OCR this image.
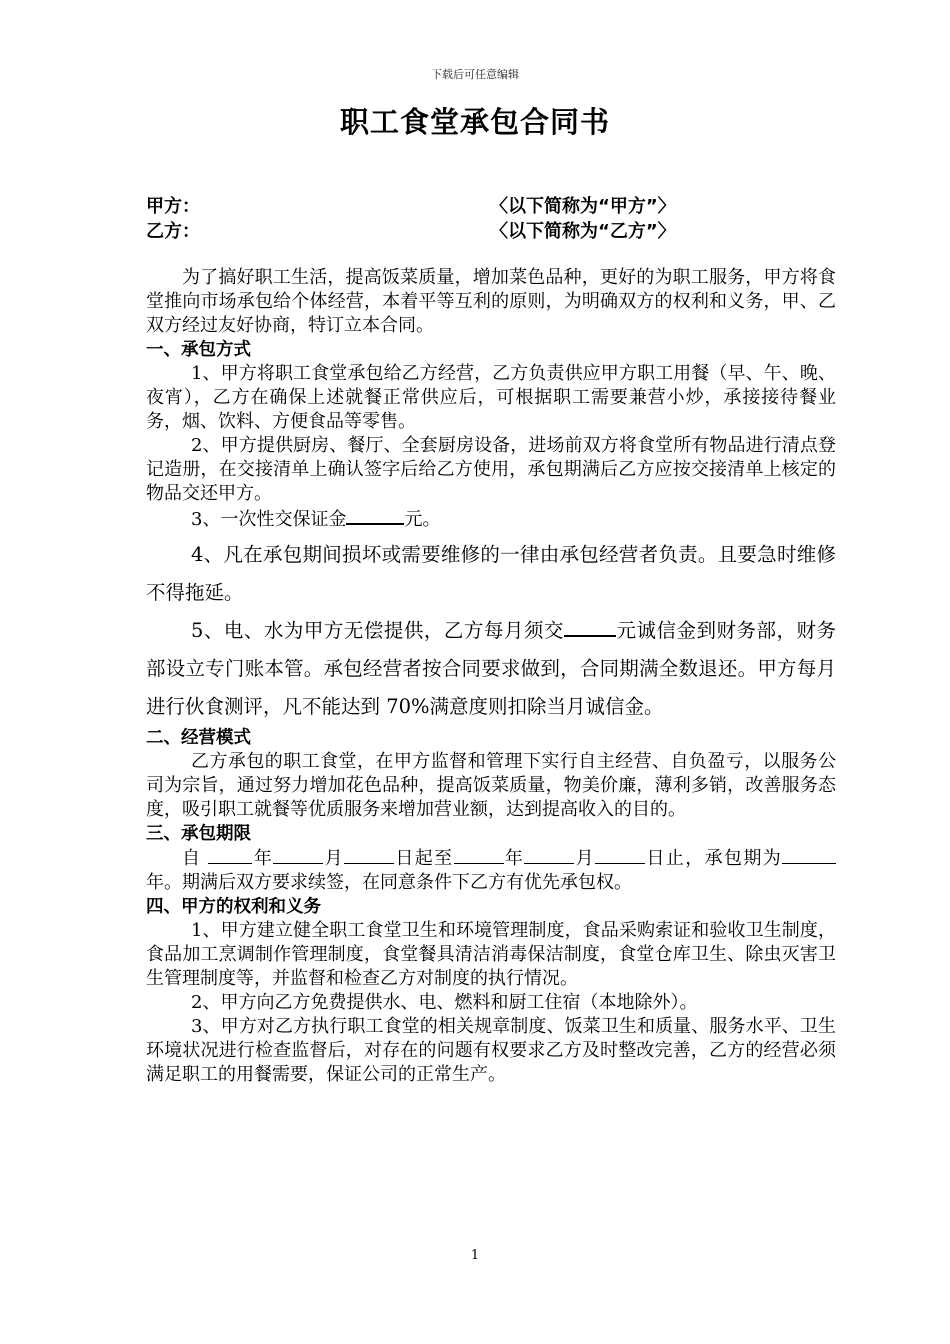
下载后可任意编辑
职工食堂承包合同书
甲方：	〈以下简称为“甲方”〉
乙方：	〈以下简称为“乙方”〉

为了搞好职工生活，提高饭菜质量，增加菜色品种，更好的为职工服务，甲方将食堂推向市场承包给个体经营，本着平等互利的原则，为明确双方的权利和义务，甲、乙双方经过友好协商，特订立本合同。

一、承包方式

1、甲方将职工食堂承包给乙方经营，乙方负责供应甲方职工用餐（早、午、晚、夜宵），乙方在确保上述就餐正常供应后，可根据职工需要兼营小炒，承接接待餐业务，烟、饮料、方便食品等零售。

2、甲方提供厨房、餐厅、全套厨房设备，进场前双方将食堂所有物品进行清点登记造册，在交接清单上确认签字后给乙方使用，承包期满后乙方应按交接清单上核定的物品交还甲方。

3、一次性交保证金	元。

4、凡在承包期间损坏或需要维修的一律由承包经营者负责。且要急时维修不得拖延。

5、电、水为甲方无偿提供，乙方每月须交	元诚信金到财务部，财务部设立专门账本管。承包经营者按合同要求做到，合同期满全数退还。甲方每月进行伙食测评，凡不能达到 70%满意度则扣除当月诚信金。

二、经营模式

乙方承包的职工食堂，在甲方监督和管理下实行自主经营、自负盈亏，以服务公司为宗旨，通过努力增加花色品种，提高饭菜质量，物美价廉，薄利多销，改善服务态度，吸引职工就餐等优质服务来增加营业额，达到提高收入的目的。

三、承包期限

自 年	月	日起至	年	月	日止，承包期为年。期满后双方要求续签，在同意条件下乙方有优先承包权。

四、甲方的权利和义务

1、甲方建立健全职工食堂卫生和环境管理制度，食品采购索证和验收卫生制度，食品加工烹调制作管理制度，食堂餐具清洁消毒保洁制度，食堂仓库卫生、除虫灭害卫生管理制度等，并监督和检查乙方对制度的执行情况。

2、甲方向乙方免费提供水、电、燃料和厨工住宿（本地除外）。

3、甲方对乙方执行职工食堂的相关规章制度、饭菜卫生和质量、服务水平、卫生环境状况进行检查监督后，对存在的问题有权要求乙方及时整改完善，乙方的经营必须满足职工的用餐需要，保证公司的正常生产。

1
